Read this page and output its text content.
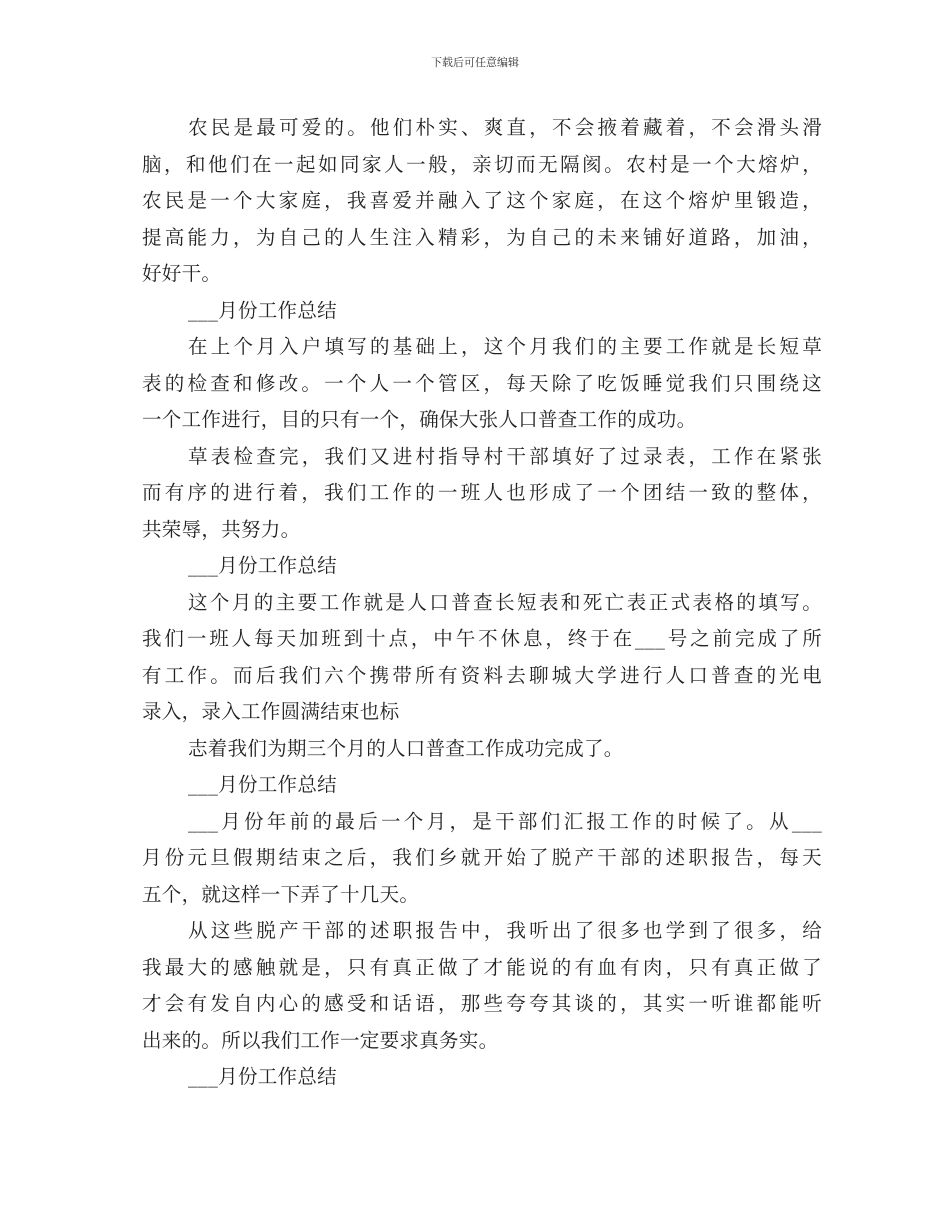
下载后可任意编辑

农民是最可爱的。他们朴实、爽直，不会掖着藏着，不会滑头滑
脑，和他们在一起如同家人一般，亲切而无隔阂。农村是一个大熔炉，
农民是一个大家庭，我喜爱并融入了这个家庭，在这个熔炉里锻造，
提高能力，为自己的人生注入精彩，为自己的未来铺好道路，加油，
好好干。

___月份工作总结

在上个月入户填写的基础上，这个月我们的主要工作就是长短草
表的检查和修改。一个人一个管区，每天除了吃饭睡觉我们只围绕这
一个工作进行，目的只有一个，确保大张人口普查工作的成功。

草表检查完，我们又进村指导村干部填好了过录表，工作在紧张
而有序的进行着，我们工作的一班人也形成了一个团结一致的整体，
共荣辱，共努力。

___月份工作总结

这个月的主要工作就是人口普查长短表和死亡表正式表格的填写。
我们一班人每天加班到十点，中午不休息，终于在___号之前完成了所
有工作。而后我们六个携带所有资料去聊城大学进行人口普查的光电
录入，录入工作圆满结束也标

志着我们为期三个月的人口普查工作成功完成了。

___月份工作总结

___月份年前的最后一个月，是干部们汇报工作的时候了。从___
月份元旦假期结束之后，我们乡就开始了脱产干部的述职报告，每天
五个，就这样一下弄了十几天。

从这些脱产干部的述职报告中，我听出了很多也学到了很多，给
我最大的感触就是，只有真正做了才能说的有血有肉，只有真正做了
才会有发自内心的感受和话语，那些夸夸其谈的，其实一听谁都能听
出来的。所以我们工作一定要求真务实。

___月份工作总结
